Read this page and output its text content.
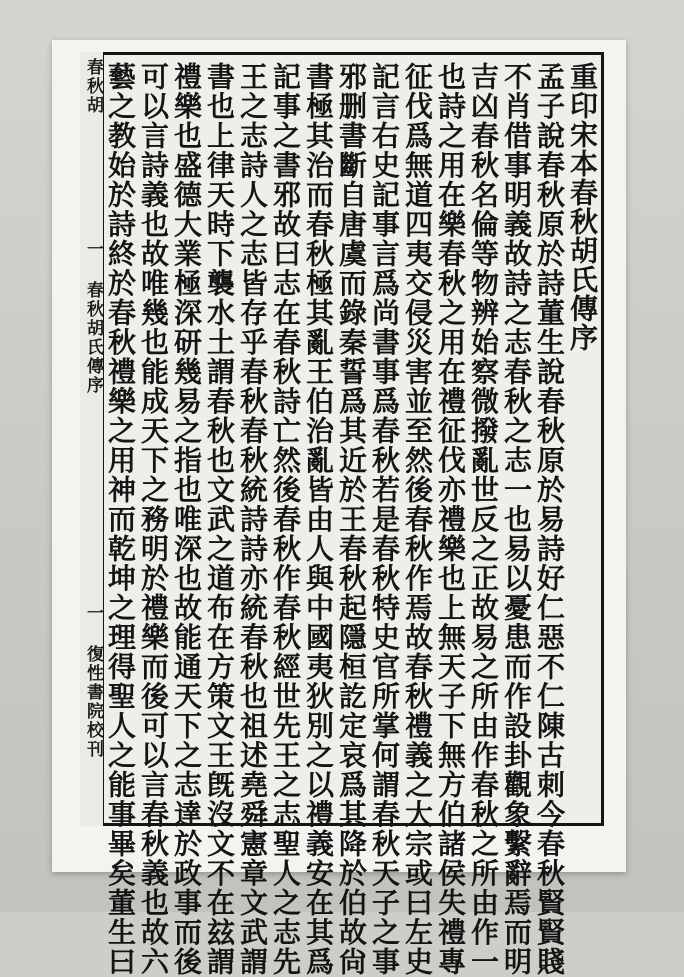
春秋胡
一 春秋胡氏傳序
一 復性書院校刊
重印宋本春秋胡氏傳序
孟子說春秋原於詩董生說春秋原於易詩好仁惡不仁陳古刺今春秋賢賢賤
不肖借事明義故詩之志春秋之志一也易以憂患而作設卦觀象繫辭焉而明
吉凶春秋名倫等物辨始察微撥亂世反之正故易之所由作春秋之所由作一
也詩之用在樂春秋之用在禮征伐亦禮樂也上無天子下無方伯諸侯失禮專
征伐爲無道四夷交侵災害並至然後春秋作焉故春秋禮義之大宗或曰左史
記言右史記事言爲尚書事爲春秋若是春秋特史官所掌何謂春秋天子之事
邪删書斷自唐虞而錄秦誓爲其近於王春秋起隱桓訖定哀爲其降於伯故尙
書極其治而春秋極其亂王伯治亂皆由人與中國夷狄別之以禮義安在其爲
記事之書邪故曰志在春秋詩亡然後春秋作春秋經世先王之志聖人之志先
王之志詩人之志皆存乎春秋春秋統詩詩亦統春秋也祖述堯舜憲章文武謂
書也上律天時下襲水土謂春秋也文武之道布在方策文王旣沒文不在玆謂
禮樂也盛德大業極深研幾易之指也唯深也故能通天下之志達於政事而後
可以言詩義也故唯幾也能成天下之務明於禮樂而後可以言春秋義也故六
藝之教始於詩終於春秋禮樂之用神而乾坤之理得聖人之能事畢矣董生曰
